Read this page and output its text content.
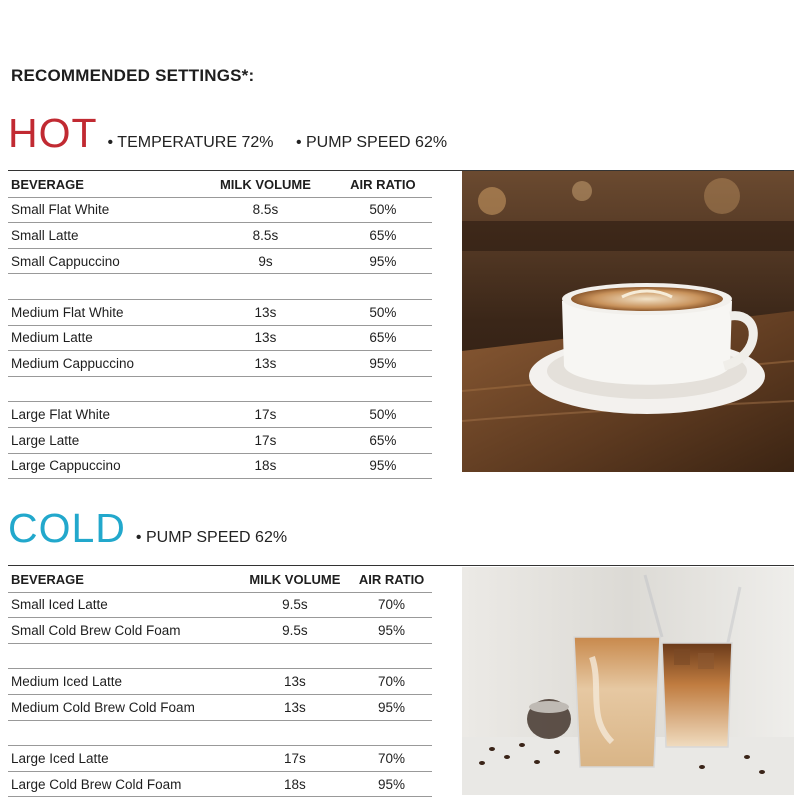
RECOMMENDED SETTINGS*:
HOT • TEMPERATURE 72% • PUMP SPEED 62%
BEVERAGE	MILK VOLUME	AIR RATIO
Small Flat White	8.5s	50%
Small Latte	8.5s	65%
Small Cappuccino	9s	95%

Medium Flat White	13s	50%
Medium Latte	13s	65%
Medium Cappuccino	13s	95%

Large Flat White	17s	50%
Large Latte	17s	65%
Large Cappuccino	18s	95%
COLD • PUMP SPEED 62%
BEVERAGE	MILK VOLUME	AIR RATIO
Small Iced Latte	9.5s	70%
Small Cold Brew Cold Foam	9.5s	95%

Medium Iced Latte	13s	70%
Medium Cold Brew Cold Foam	13s	95%

Large Iced Latte	17s	70%
Large Cold Brew Cold Foam	18s	95%
